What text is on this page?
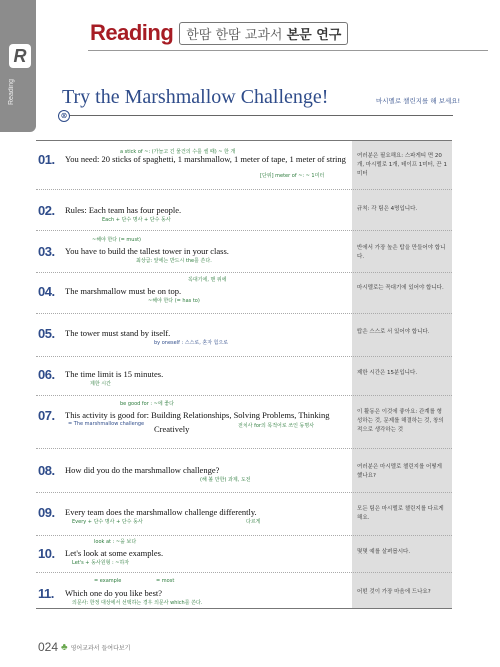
R
Reading
Reading	한땀 한땀 교과서 본문 연구
Try the Marshmallow Challenge!	마시멜로 챌린지를 해 보세요!
⊗
a stick of ~: (가늘고 긴 물건의 수를 셀 때) ~ 한 개
01. You need: 20 sticks of spaghetti, 1 marshmallow, 1 meter of tape, 1 meter of string
[단위] meter of ~: ~ 1미터
여러분은 필요해요: 스파게티 면 20개, 마시멜로 1개, 테이프 1미터, 끈 1미터
02. Rules: Each team has four people.
Each + 단수 명사 + 단수 동사
규칙: 각 팀은 4명입니다.
~해야 한다 (= must)
03. You have to build the tallest tower in your class.
최상급: 앞에는 반드시 the를 쓴다.
반에서 가장 높은 탑을 만들어야 합니다.
꼭대기에, 맨 위에
04. The marshmallow must be on top.
~해야 한다 (= has to)
마시멜로는 꼭대기에 있어야 합니다.
05. The tower must stand by itself.
by oneself : 스스로, 혼자 힘으로
탑은 스스로 서 있어야 합니다.
06. The time limit is 15 minutes.
제한 시간
제한 시간은 15분입니다.
be good for : ~에 좋다
07. This activity is good for: Building Relationships, Solving Problems, Thinking
= The marshmallow challenge Creatively	전치사 for의 목적어로 쓰인 동명사
이 활동은 이것에 좋아요: 관계를 형성하는 것, 문제를 해결하는 것, 창의적으로 생각하는 것
08. How did you do the marshmallow challenge?
(해 볼 만한) 과제, 도전
여러분은 마시멜로 챌린지를 어떻게 했나요?
09. Every team does the marshmallow challenge differently.
Every + 단수 명사 + 단수 동사	다르게
모든 팀은 마시멜로 챌린지를 다르게 해요.
look at : ~을 보다
10. Let's look at some examples.
Let's + 동사원형 : ~하자
몇몇 예를 살펴봅시다.
= example	= most
11. Which one do you like best?
의문사: 한정 대상에서 선택하는 경우 의문사 which를 쓴다.
어떤 것이 가장 마음에 드나요?
024 ♣ 영어교과서 들여다보기
